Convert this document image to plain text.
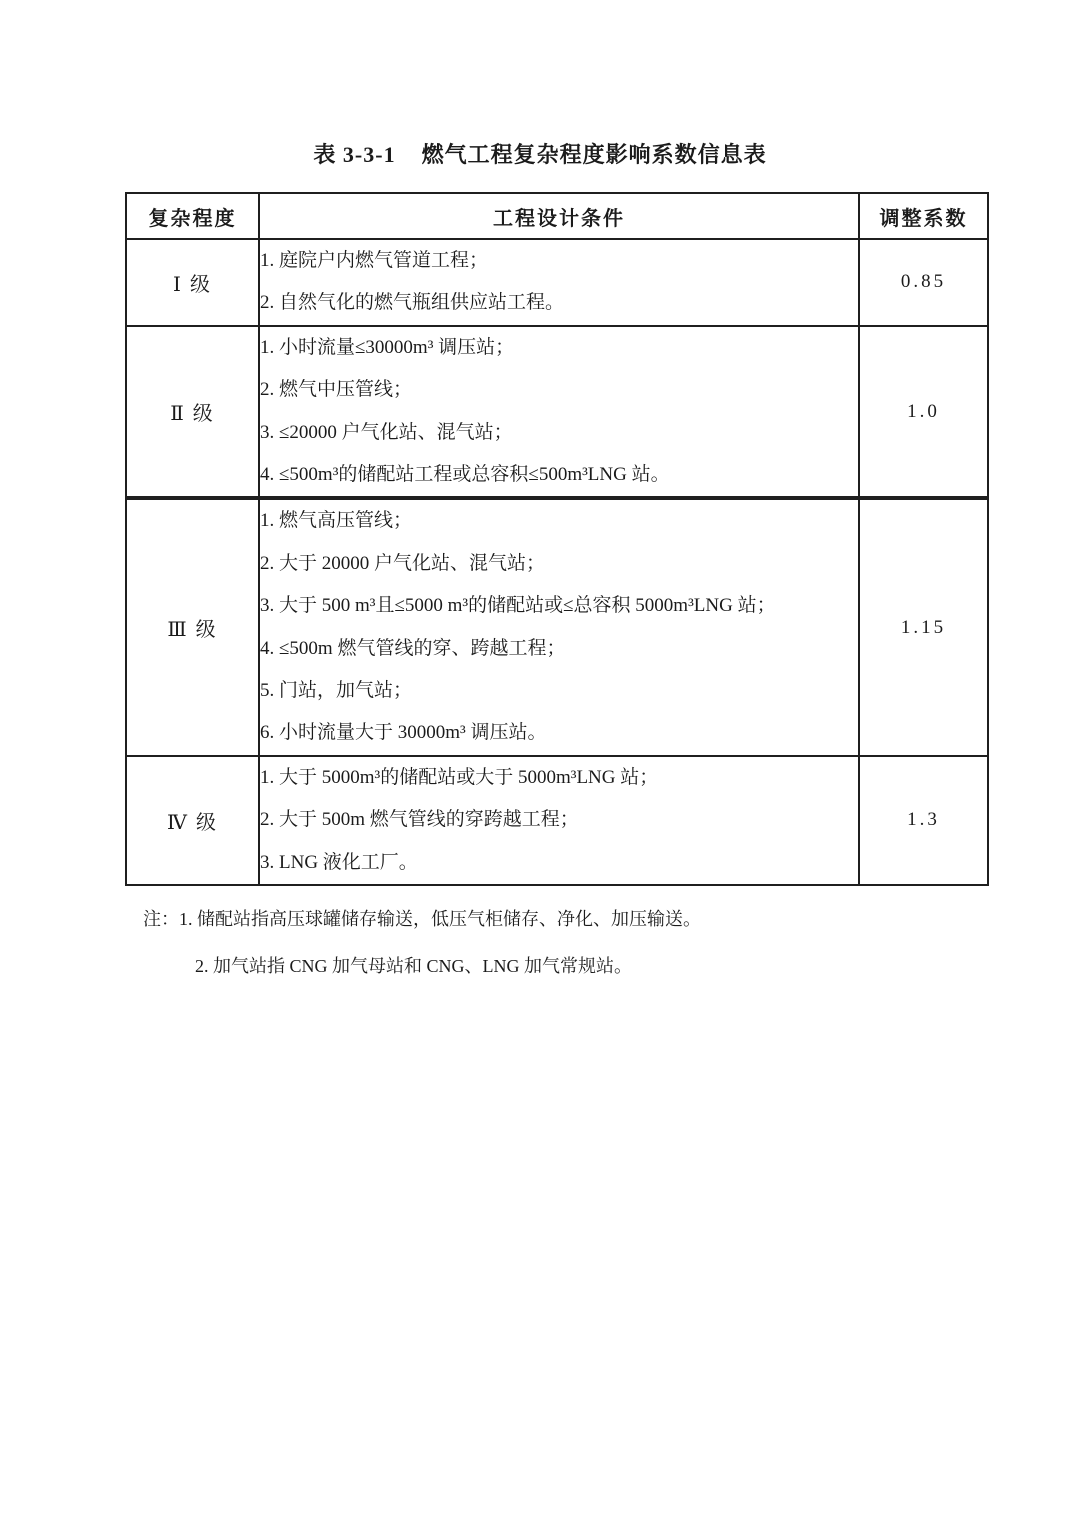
表 3-3-1    燃气工程复杂程度影响系数信息表
复杂程度	工程设计条件	调整系数
Ⅰ 级	1. 庭院户内燃气管道工程；
2. 自然气化的燃气瓶组供应站工程。	0.85
Ⅱ 级	1. 小时流量≤30000m³ 调压站；
2. 燃气中压管线；
3. ≤20000 户气化站、混气站；
4. ≤500m³的储配站工程或总容积≤500m³LNG 站。	1.0
Ⅲ 级	
1. 燃气高压管线；
2. 大于 20000 户气化站、混气站；
3. 大于 500 m³且≤5000 m³的储配站或≤总容积 5000m³LNG 站；
4. ≤500m 燃气管线的穿、跨越工程；
5. 门站，加气站；
6. 小时流量大于 30000m³ 调压站。
	1.15
Ⅳ 级	1. 大于 5000m³的储配站或大于 5000m³LNG 站；
2. 大于 500m 燃气管线的穿跨越工程；
3. LNG 液化工厂。	1.3
注：1. 储配站指高压球罐储存输送，低压气柜储存、净化、加压输送。
2. 加气站指 CNG 加气母站和 CNG、LNG 加气常规站。
